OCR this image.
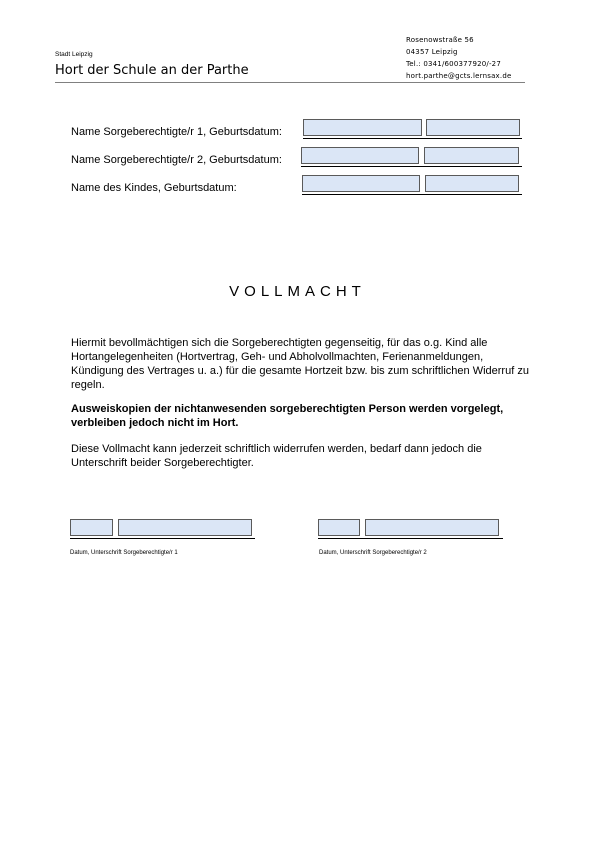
Stadt Leipzig
Hort der Schule an der Parthe
Rosenowstraße 56
04357 Leipzig
Tel.: 0341/600377920/-27
hort.parthe@gcts.lernsax.de
Name Sorgeberechtigte/r 1, Geburtsdatum:
Name Sorgeberechtigte/r 2, Geburtsdatum:
Name des Kindes, Geburtsdatum:
VOLLMACHT
Hiermit bevollmächtigen sich die Sorgeberechtigten gegenseitig, für das o.g. Kind alle Hortangelegenheiten (Hortvertrag, Geh- und Abholvollmachten, Ferienanmeldungen, Kündigung des Vertrages u. a.) für die gesamte Hortzeit bzw. bis zum schriftlichen Widerruf zu regeln.
Ausweiskopien der nichtanwesenden sorgeberechtigten Person werden vorgelegt, verbleiben jedoch nicht im Hort.
Diese Vollmacht kann jederzeit schriftlich widerrufen werden, bedarf dann jedoch die Unterschrift beider Sorgeberechtigter.
Datum, Unterschrift Sorgeberechtigte/r 1	Datum, Unterschrift Sorgeberechtigte/r 2
